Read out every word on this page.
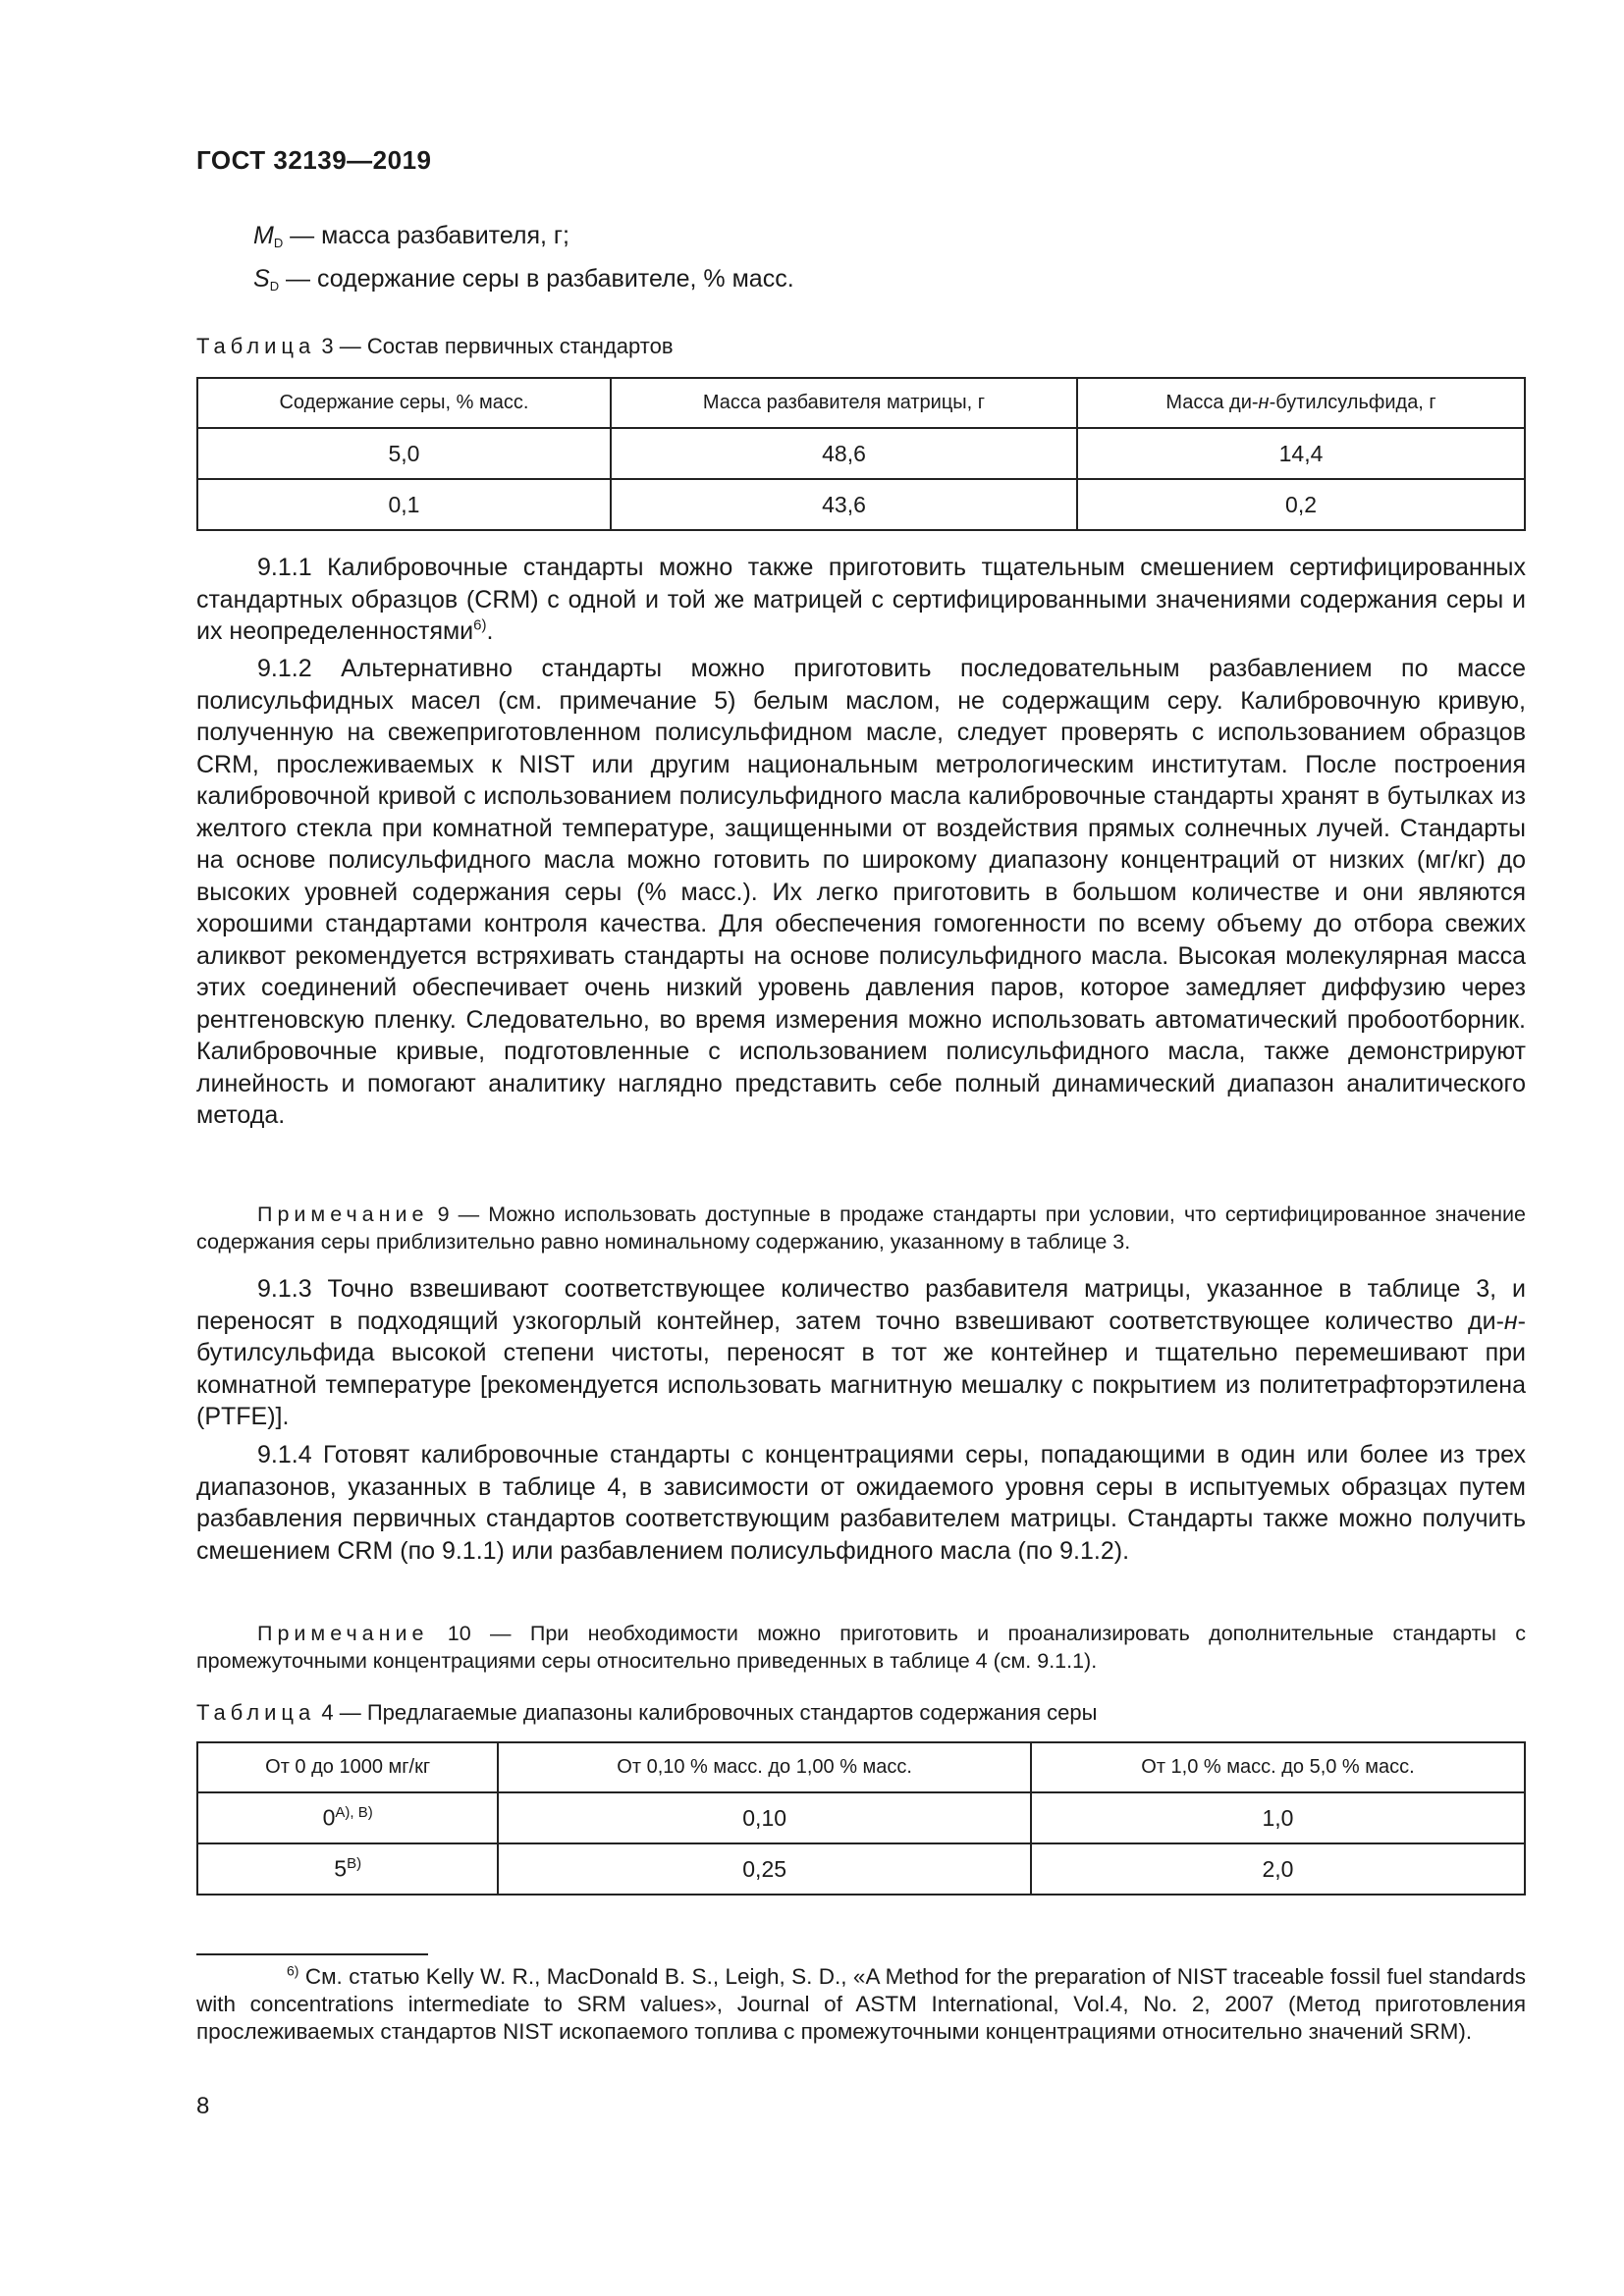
ГОСТ 32139—2019
$M_D$ — масса разбавителя, г;
$S_D$ — содержание серы в разбавителе, % масс.
Таблица 3 — Состав первичных стандартов
Содержание серы, % масс.	Масса разбавителя матрицы, г	Масса ди-н-бутилсульфида, г
5,0	48,6	14,4
0,1	43,6	0,2
9.1.1 Калибровочные стандарты можно также приготовить тщательным смешением сертифицированных стандартных образцов (CRM) с одной и той же матрицей с сертифицированными значениями содержания серы и их неопределенностями$^{6)}$.
9.1.2 Альтернативно стандарты можно приготовить последовательным разбавлением по массе полисульфидных масел (см. примечание 5) белым маслом, не содержащим серу. Калибровочную кривую, полученную на свежеприготовленном полисульфидном масле, следует проверять с использованием образцов CRM, прослеживаемых к NIST или другим национальным метрологическим институтам. После построения калибровочной кривой с использованием полисульфидного масла калибровочные стандарты хранят в бутылках из желтого стекла при комнатной температуре, защищенными от воздействия прямых солнечных лучей. Стандарты на основе полисульфидного масла можно готовить по широкому диапазону концентраций от низких (мг/кг) до высоких уровней содержания серы (% масс.). Их легко приготовить в большом количестве и они являются хорошими стандартами контроля качества. Для обеспечения гомогенности по всему объему до отбора свежих аликвот рекомендуется встряхивать стандарты на основе полисульфидного масла. Высокая молекулярная масса этих соединений обеспечивает очень низкий уровень давления паров, которое замедляет диффузию через рентгеновскую пленку. Следовательно, во время измерения можно использовать автоматический пробоотборник. Калибровочные кривые, подготовленные с использованием полисульфидного масла, также демонстрируют линейность и помогают аналитику наглядно представить себе полный динамический диапазон аналитического метода.
Примечание 9 — Можно использовать доступные в продаже стандарты при условии, что сертифицированное значение содержания серы приблизительно равно номинальному содержанию, указанному в таблице 3.
9.1.3 Точно взвешивают соответствующее количество разбавителя матрицы, указанное в таблице 3, и переносят в подходящий узкогорлый контейнер, затем точно взвешивают соответствующее количество ди-н-бутилсульфида высокой степени чистоты, переносят в тот же контейнер и тщательно перемешивают при комнатной температуре [рекомендуется использовать магнитную мешалку с покрытием из политетрафторэтилена (PTFE)].
9.1.4 Готовят калибровочные стандарты с концентрациями серы, попадающими в один или более из трех диапазонов, указанных в таблице 4, в зависимости от ожидаемого уровня серы в испытуемых образцах путем разбавления первичных стандартов соответствующим разбавителем матрицы. Стандарты также можно получить смешением CRM (по 9.1.1) или разбавлением полисульфидного масла (по 9.1.2).
Примечание 10 — При необходимости можно приготовить и проанализировать дополнительные стандарты с промежуточными концентрациями серы относительно приведенных в таблице 4 (см. 9.1.1).
Таблица 4 — Предлагаемые диапазоны калибровочных стандартов содержания серы
От 0 до 1000 мг/кг	От 0,10 % масс. до 1,00 % масс.	От 1,0 % масс. до 5,0 % масс.
$0^{A), B)}$	0,10	1,0
$5^{B)}$	0,25	2,0
$^{6)}$ См. статью Kelly W. R., MacDonald B. S., Leigh, S. D., «A Method for the preparation of NIST traceable fossil fuel standards with concentrations intermediate to SRM values», Journal of ASTM International, Vol.4, No. 2, 2007 (Метод приготовления прослеживаемых стандартов NIST ископаемого топлива с промежуточными концентрациями относительно значений SRM).
8
